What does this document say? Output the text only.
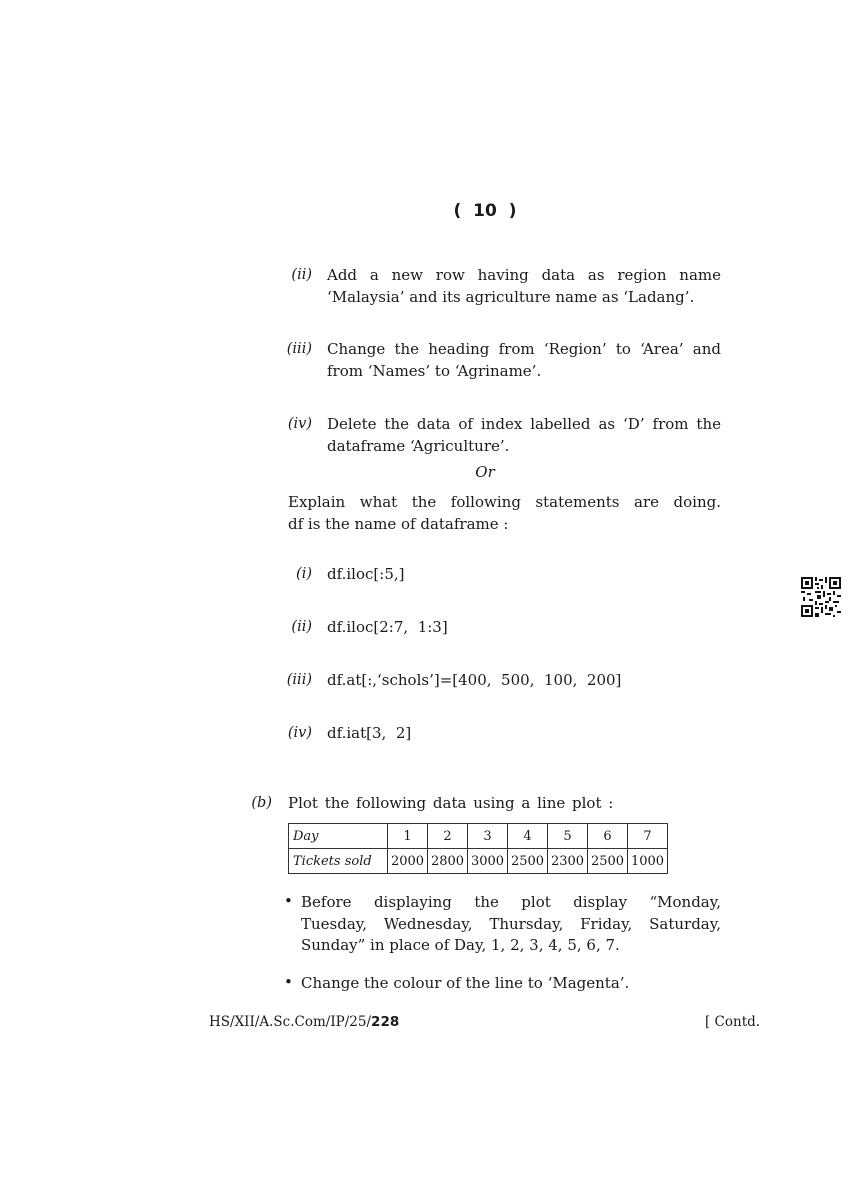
( 10 )
(ii) Add a new row having data as region name
‘Malaysia’ and its agriculture name as ‘Ladang’.
(iii) Change the heading from ‘Region’ to ‘Area’ and
from ‘Names’ to ‘Agriname’.
(iv) Delete the data of index labelled as ‘D’ from the
dataframe ‘Agriculture’.
Or
Explain what the following statements are doing.
df is the name of dataframe :
(i) df.iloc[:5,]
(ii) df.iloc[2:7,  1:3]
(iii) df.at[:,‘schols’]=[400,  500,  100,  200]
(iv) df.iat[3,  2]
(b) Plot the following data using a line plot :
Day	1	2	3	4	5	6	7
Tickets sold	2000	2800	3000	2500	2300	2500	1000
• Before displaying the plot display “Monday,
Tuesday, Wednesday, Thursday, Friday, Saturday,
Sunday” in place of Day, 1, 2, 3, 4, 5, 6, 7.
• Change the colour of the line to ‘Magenta’.
HS/XII/A.Sc.Com/IP/25/228	[ Contd.
